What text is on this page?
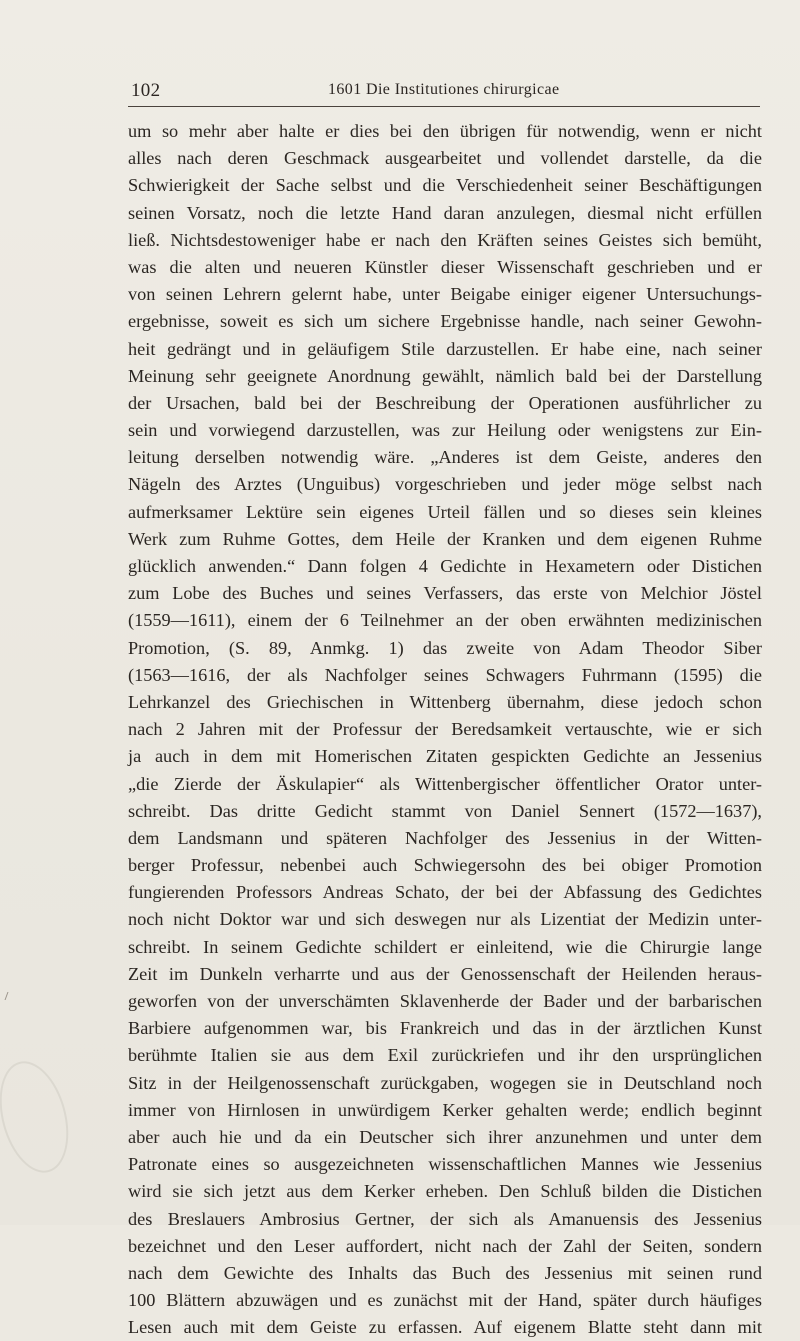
102	1601 Die Institutiones chirurgicae
um so mehr aber halte er dies bei den übrigen für notwendig, wenn er nicht
alles nach deren Geschmack ausgearbeitet und vollendet darstelle, da die
Schwierigkeit der Sache selbst und die Verschiedenheit seiner Beschäftigungen
seinen Vorsatz, noch die letzte Hand daran anzulegen, diesmal nicht erfüllen
ließ. Nichtsdestoweniger habe er nach den Kräften seines Geistes sich bemüht,
was die alten und neueren Künstler dieser Wissenschaft geschrieben und er
von seinen Lehrern gelernt habe, unter Beigabe einiger eigener Untersuchungs-
ergebnisse, soweit es sich um sichere Ergebnisse handle, nach seiner Gewohn-
heit gedrängt und in geläufigem Stile darzustellen. Er habe eine, nach seiner
Meinung sehr geeignete Anordnung gewählt, nämlich bald bei der Darstellung
der Ursachen, bald bei der Beschreibung der Operationen ausführlicher zu
sein und vorwiegend darzustellen, was zur Heilung oder wenigstens zur Ein-
leitung derselben notwendig wäre. „Anderes ist dem Geiste, anderes den
Nägeln des Arztes (Unguibus) vorgeschrieben und jeder möge selbst nach
aufmerksamer Lektüre sein eigenes Urteil fällen und so dieses sein kleines
Werk zum Ruhme Gottes, dem Heile der Kranken und dem eigenen Ruhme
glücklich anwenden.“ Dann folgen 4 Gedichte in Hexametern oder Distichen
zum Lobe des Buches und seines Verfassers, das erste von Melchior Jöstel
(1559—1611), einem der 6 Teilnehmer an der oben erwähnten medizinischen
Promotion, (S. 89, Anmkg. 1) das zweite von Adam Theodor Siber
(1563—1616, der als Nachfolger seines Schwagers Fuhrmann (1595) die
Lehrkanzel des Griechischen in Wittenberg übernahm, diese jedoch schon
nach 2 Jahren mit der Professur der Beredsamkeit vertauschte, wie er sich
ja auch in dem mit Homerischen Zitaten gespickten Gedichte an Jessenius
„die Zierde der Äskulapier“ als Wittenbergischer öffentlicher Orator unter-
schreibt. Das dritte Gedicht stammt von Daniel Sennert (1572—1637),
dem Landsmann und späteren Nachfolger des Jessenius in der Witten-
berger Professur, nebenbei auch Schwiegersohn des bei obiger Promotion
fungierenden Professors Andreas Schato, der bei der Abfassung des Gedichtes
noch nicht Doktor war und sich deswegen nur als Lizentiat der Medizin unter-
schreibt. In seinem Gedichte schildert er einleitend, wie die Chirurgie lange
Zeit im Dunkeln verharrte und aus der Genossenschaft der Heilenden heraus-
geworfen von der unverschämten Sklavenherde der Bader und der barbarischen
Barbiere aufgenommen war, bis Frankreich und das in der ärztlichen Kunst
berühmte Italien sie aus dem Exil zurückriefen und ihr den ursprünglichen
Sitz in der Heilgenossenschaft zurückgaben, wogegen sie in Deutschland noch
immer von Hirnlosen in unwürdigem Kerker gehalten werde; endlich beginnt
aber auch hie und da ein Deutscher sich ihrer anzunehmen und unter dem
Patronate eines so ausgezeichneten wissenschaftlichen Mannes wie Jessenius
wird sie sich jetzt aus dem Kerker erheben. Den Schluß bilden die Distichen
des Breslauers Ambrosius Gertner, der sich als Amanuensis des Jessenius
bezeichnet und den Leser auffordert, nicht nach der Zahl der Seiten, sondern
nach dem Gewichte des Inhalts das Buch des Jessenius mit seinen rund
100 Blättern abzuwägen und es zunächst mit der Hand, später durch häufiges
Lesen auch mit dem Geiste zu erfassen. Auf eigenem Blatte steht dann mit
